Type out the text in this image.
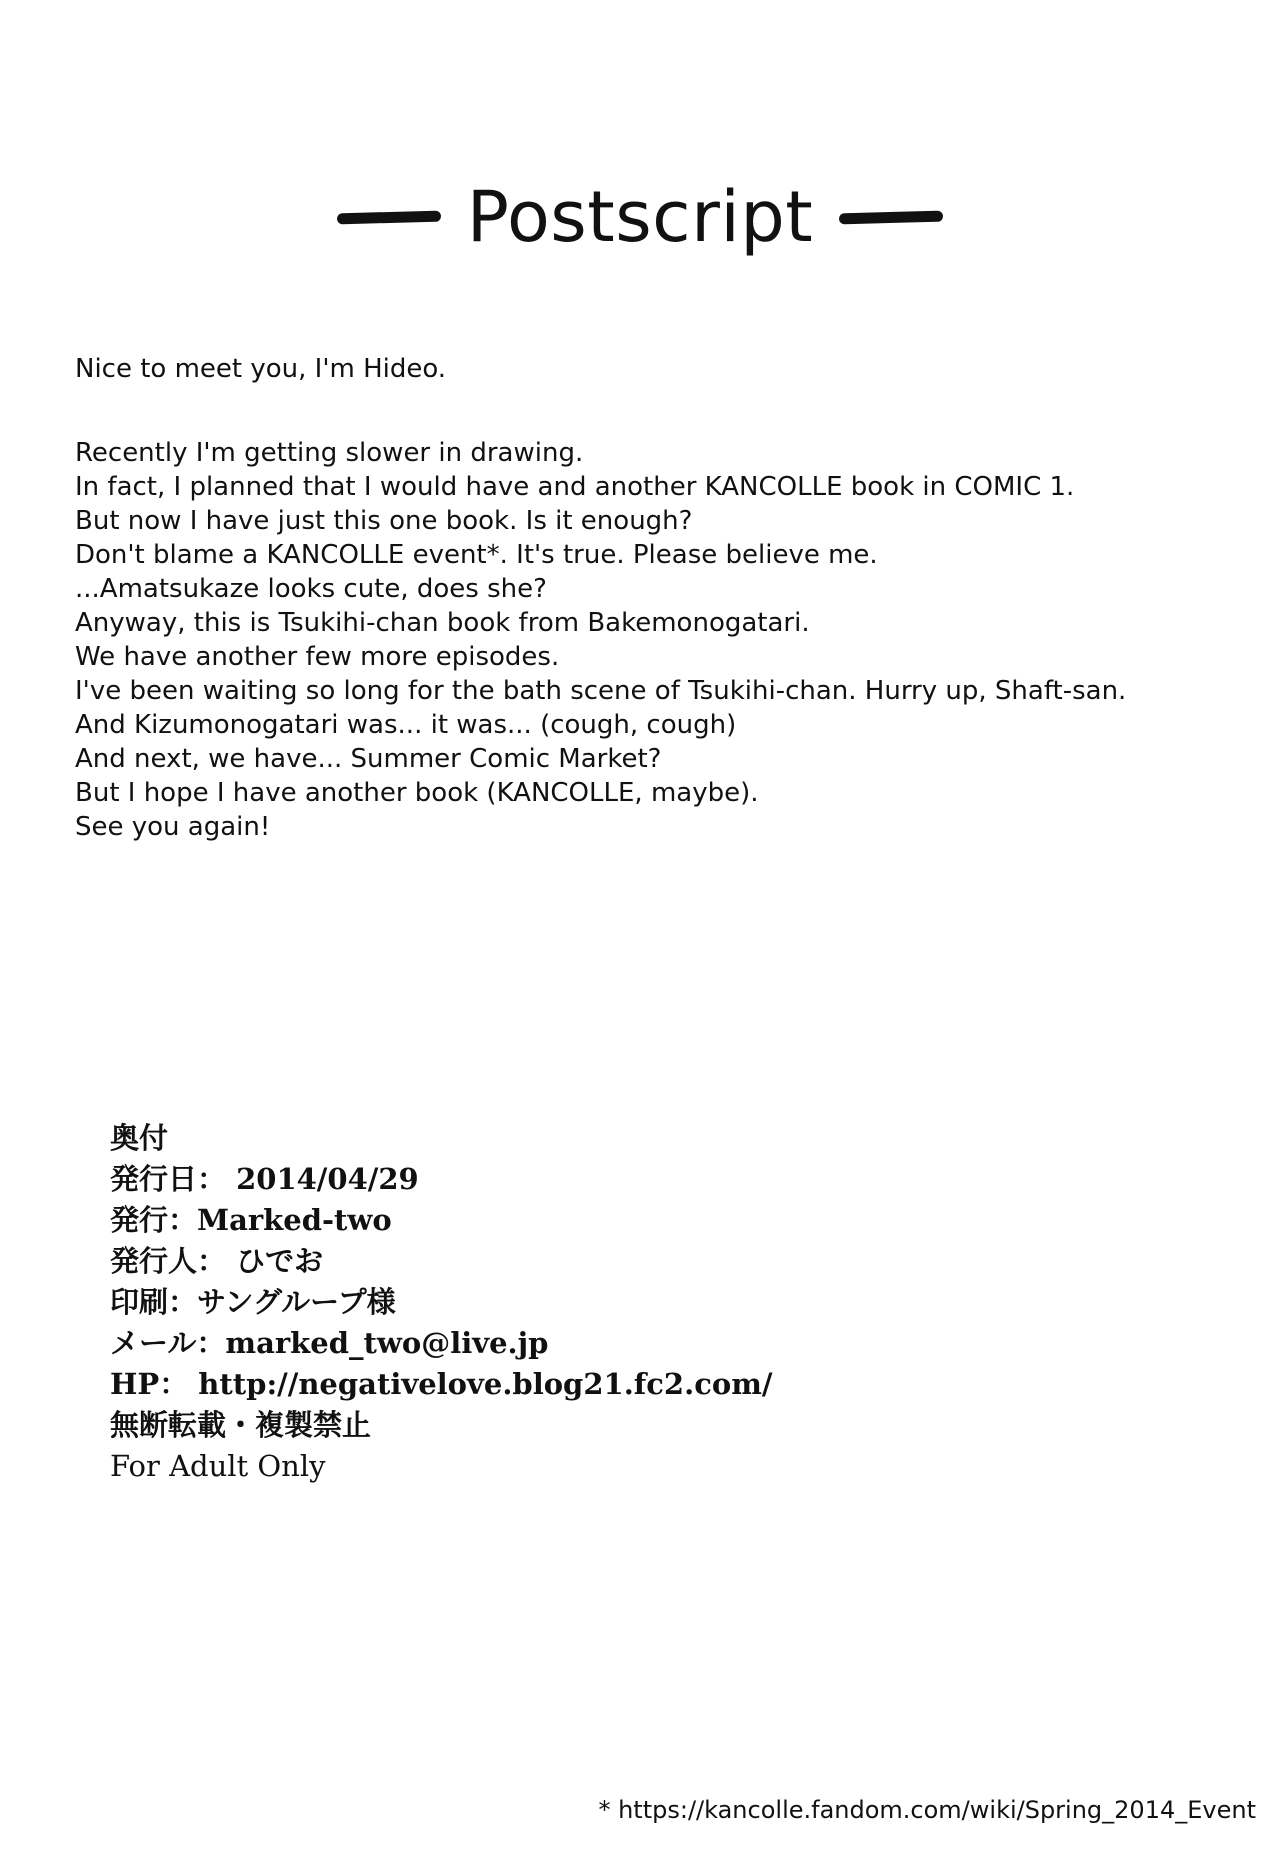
Postscript
Nice to meet you, I'm Hideo.
Recently I'm getting slower in drawing.
In fact, I planned that I would have and another KANCOLLE book in COMIC 1.
But now I have just this one book. Is it enough?
Don't blame a KANCOLLE event*. It's true. Please believe me.
...Amatsukaze looks cute, does she?
Anyway, this is Tsukihi-chan book from Bakemonogatari.
We have another few more episodes.
I've been waiting so long for the bath scene of Tsukihi-chan. Hurry up, Shaft-san.
And Kizumonogatari was... it was... (cough, cough)
And next, we have... Summer Comic Market?
But I hope I have another book (KANCOLLE, maybe).
See you again!
奥付
発行日： 2014/04/29
発行：Marked-two
発行人： ひでお
印刷：サングループ様
メール：marked_two@live.jp
HP： http://negativelove.blog21.fc2.com/
無断転載・複製禁止
For Adult Only
* https://kancolle.fandom.com/wiki/Spring_2014_Event
